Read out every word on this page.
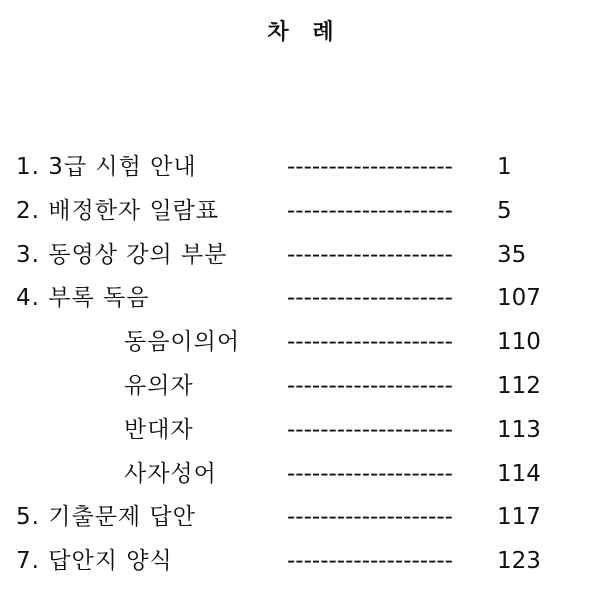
차 례
1. 3급 시험 안내	-------------------- 1
2. 배정한자 일람표	-------------------- 5
3. 동영상 강의 부분	-------------------- 35
4. 부록 독음	-------------------- 107
동음이의어 -------------------- 110
유의자	-------------------- 112
반대자	-------------------- 113
사자성어	-------------------- 114
5. 기출문제 답안	-------------------- 117
7. 답안지 양식	-------------------- 123
